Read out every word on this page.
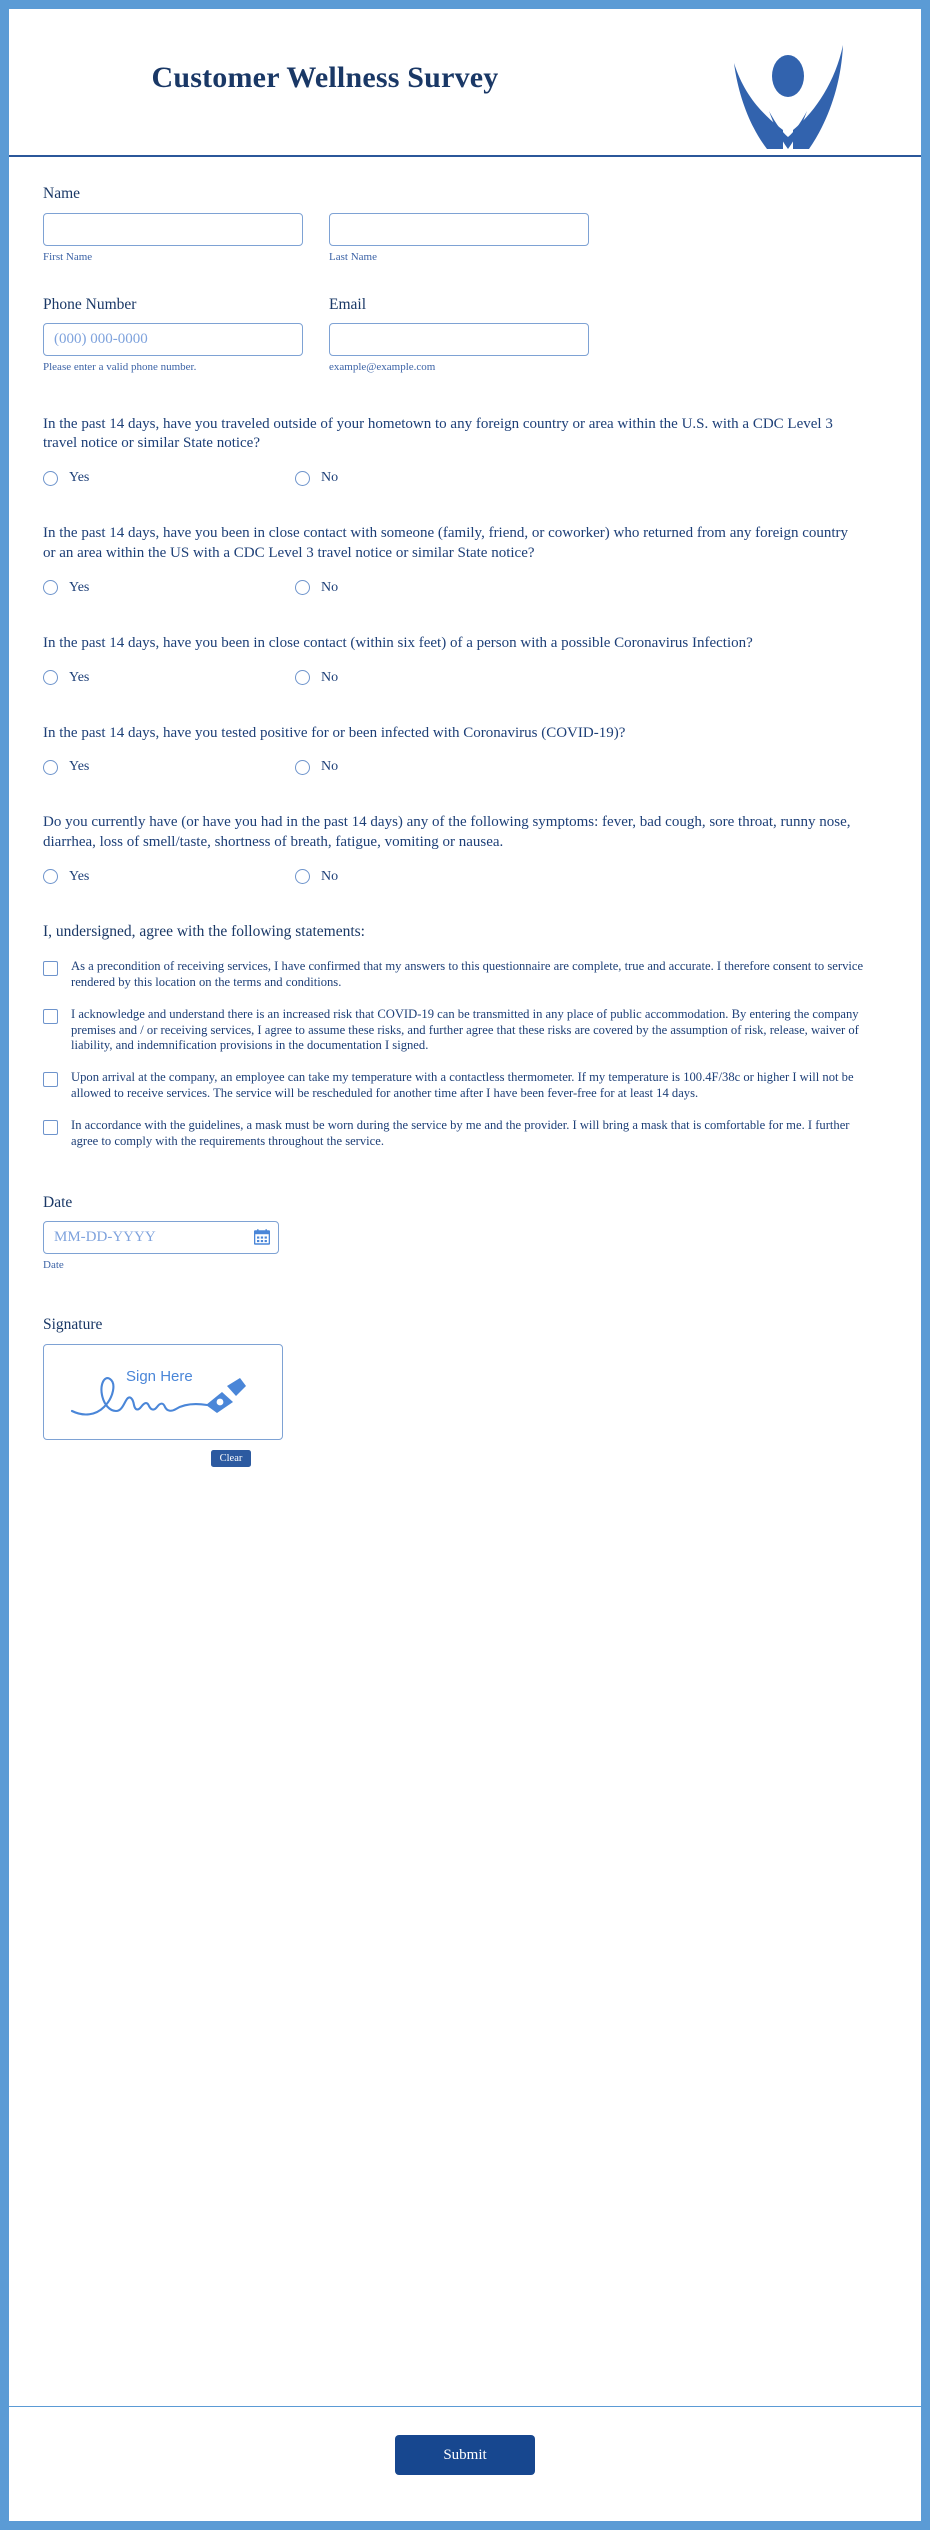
Customer Wellness Survey
Name
First Name	Last Name
Phone Number
(000) 000-0000
Please enter a valid phone number.
Email
example@example.com
In the past 14 days, have you traveled outside of your hometown to any foreign country or area within the U.S. with a CDC Level 3 travel notice or similar State notice?
Yes	No
In the past 14 days, have you been in close contact with someone (family, friend, or coworker) who returned from any foreign country or an area within the US with a CDC Level 3 travel notice or similar State notice?
Yes	No
In the past 14 days, have you been in close contact (within six feet) of a person with a possible Coronavirus Infection?
Yes	No
In the past 14 days, have you tested positive for or been infected with Coronavirus (COVID-19)?
Yes	No
Do you currently have (or have you had in the past 14 days) any of the following symptoms: fever, bad cough, sore throat, runny nose, diarrhea, loss of smell/taste, shortness of breath, fatigue, vomiting or nausea.
Yes	No
I, undersigned, agree with the following statements:
As a precondition of receiving services, I have confirmed that my answers to this questionnaire are complete, true and accurate. I therefore consent to service rendered by this location on the terms and conditions.
I acknowledge and understand there is an increased risk that COVID-19 can be transmitted in any place of public accommodation. By entering the company premises and / or receiving services, I agree to assume these risks, and further agree that these risks are covered by the assumption of risk, release, waiver of liability, and indemnification provisions in the documentation I signed.
Upon arrival at the company, an employee can take my temperature with a contactless thermometer. If my temperature is 100.4F/38c or higher I will not be allowed to receive services. The service will be rescheduled for another time after I have been fever-free for at least 14 days.
In accordance with the guidelines, a mask must be worn during the service by me and the provider. I will bring a mask that is comfortable for me. I further agree to comply with the requirements throughout the service.
Date
MM-DD-YYYY
Date
Signature
Sign Here
Clear
Submit
